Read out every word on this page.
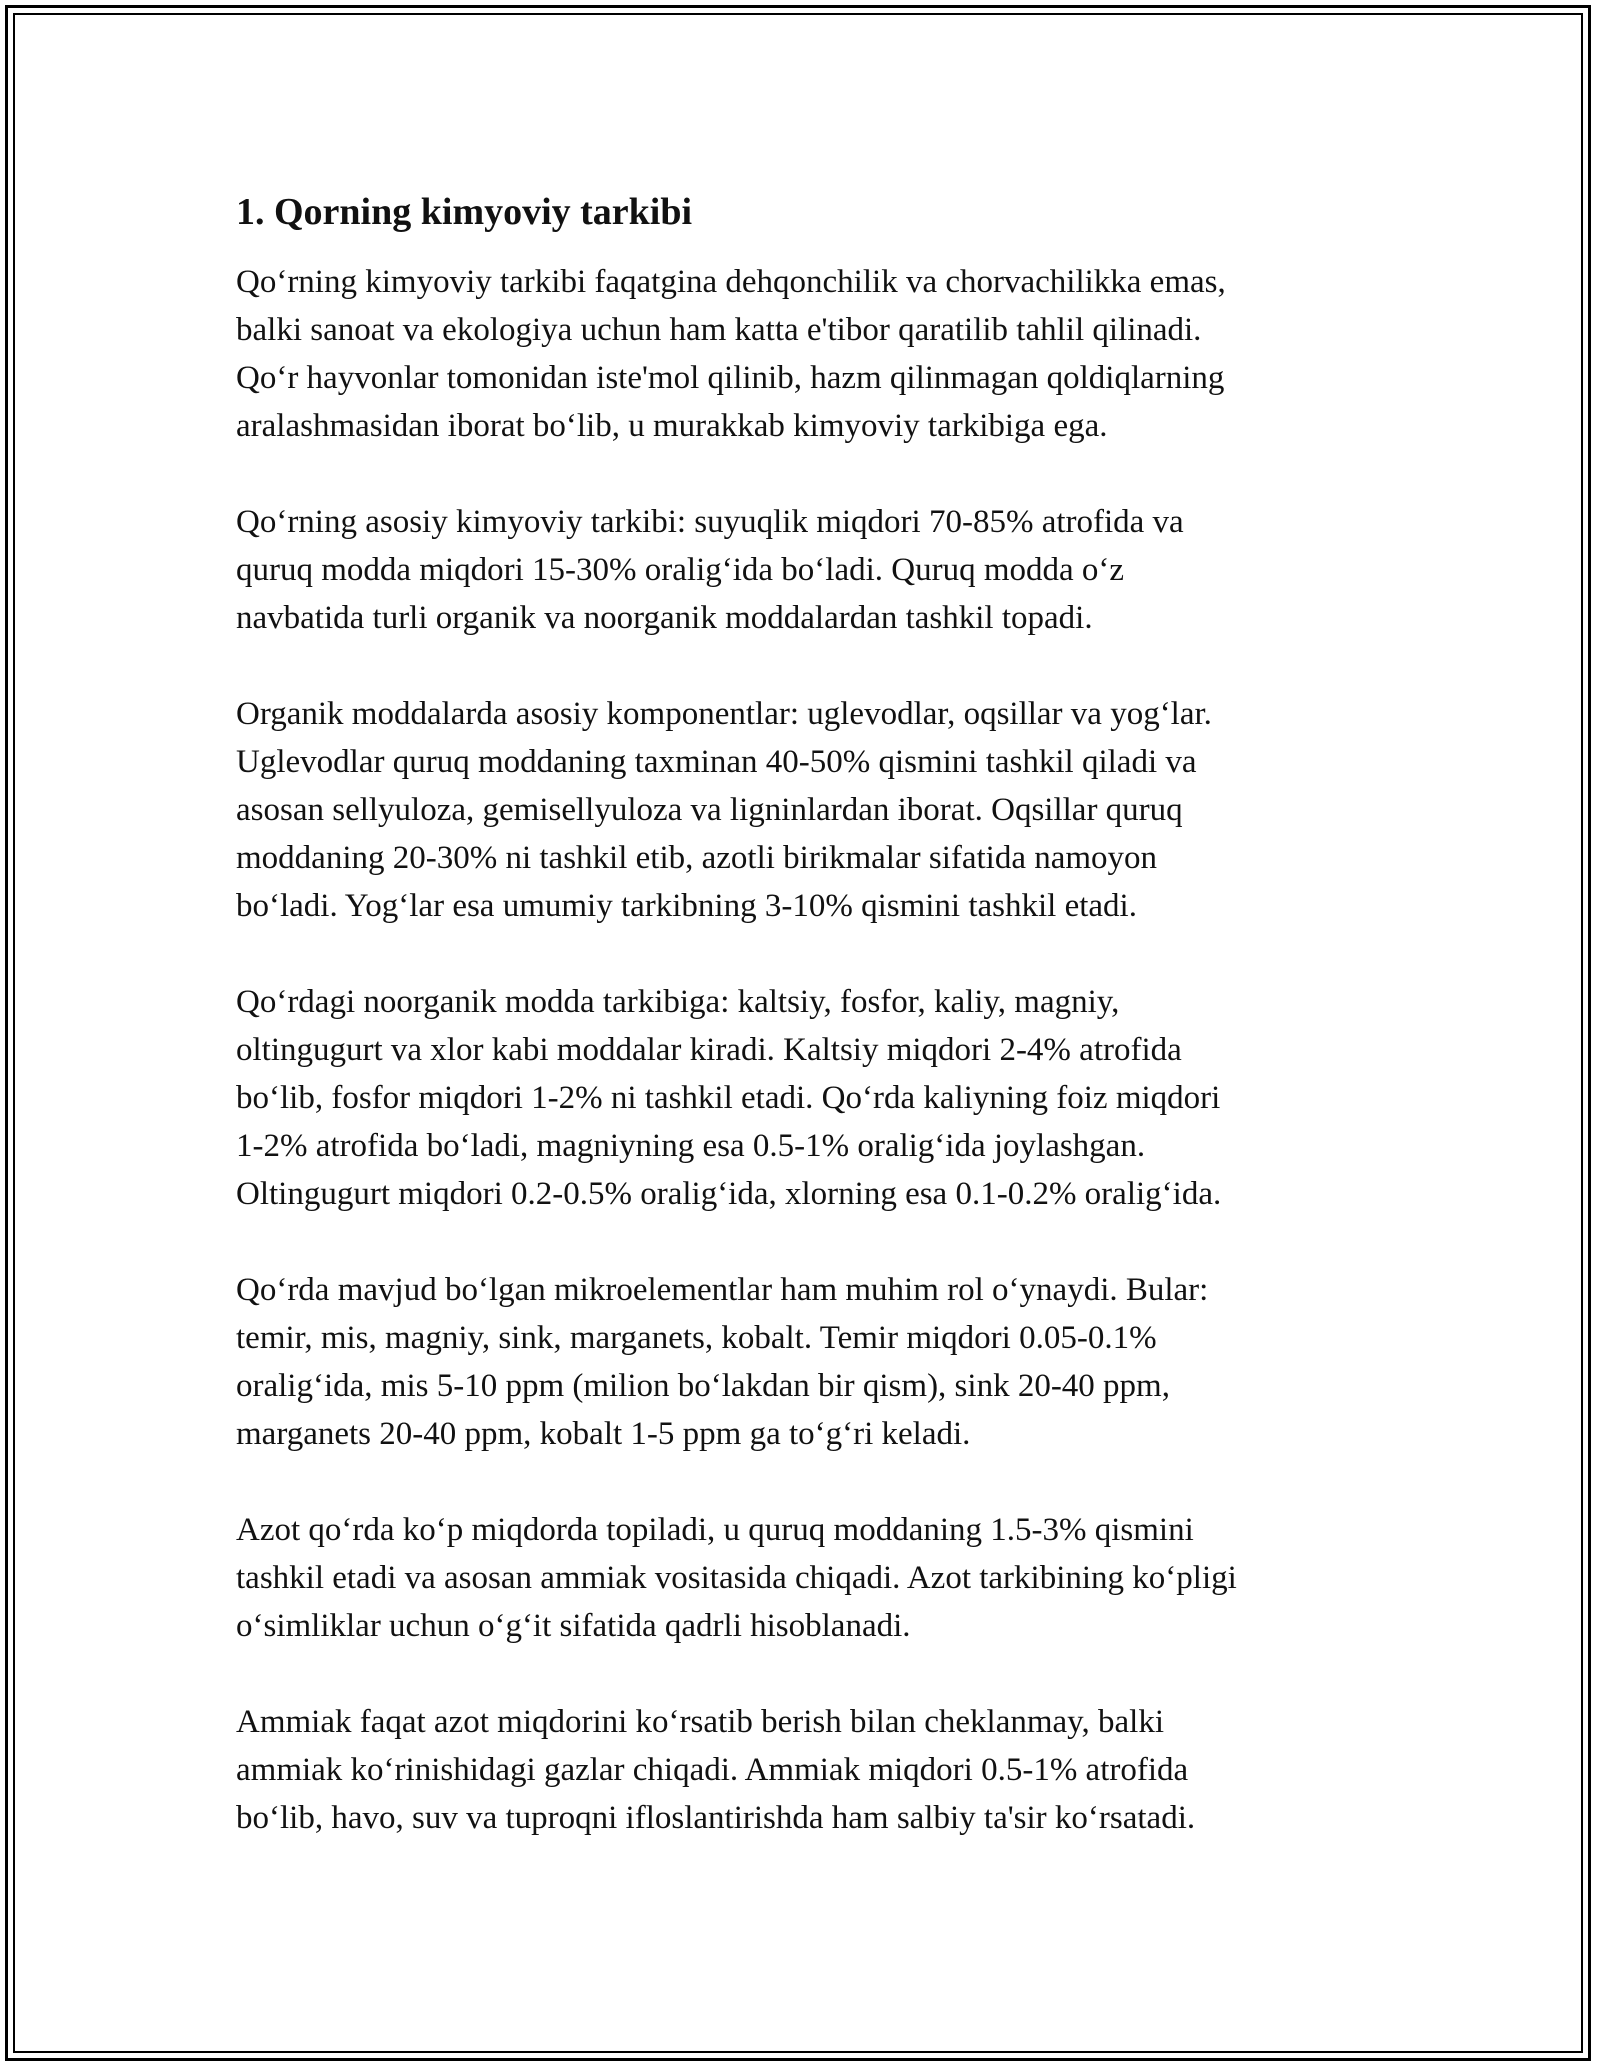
1. Qorning kimyoviy tarkibi

Qo‘rning kimyoviy tarkibi faqatgina dehqonchilik va chorvachilikka emas,
balki sanoat va ekologiya uchun ham katta e'tibor qaratilib tahlil qilinadi.
Qo‘r hayvonlar tomonidan iste'mol qilinib, hazm qilinmagan qoldiqlarning
aralashmasidan iborat bo‘lib, u murakkab kimyoviy tarkibiga ega.

Qo‘rning asosiy kimyoviy tarkibi: suyuqlik miqdori 70-85% atrofida va
quruq modda miqdori 15-30% oralig‘ida bo‘ladi. Quruq modda o‘z
navbatida turli organik va noorganik moddalardan tashkil topadi.

Organik moddalarda asosiy komponentlar: uglevodlar, oqsillar va yog‘lar.
Uglevodlar quruq moddaning taxminan 40-50% qismini tashkil qiladi va
asosan sellyuloza, gemisellyuloza va ligninlardan iborat. Oqsillar quruq
moddaning 20-30% ni tashkil etib, azotli birikmalar sifatida namoyon
bo‘ladi. Yog‘lar esa umumiy tarkibning 3-10% qismini tashkil etadi.

Qo‘rdagi noorganik modda tarkibiga: kaltsiy, fosfor, kaliy, magniy,
oltingugurt va xlor kabi moddalar kiradi. Kaltsiy miqdori 2-4% atrofida
bo‘lib, fosfor miqdori 1-2% ni tashkil etadi. Qo‘rda kaliyning foiz miqdori
1-2% atrofida bo‘ladi, magniyning esa 0.5-1% oralig‘ida joylashgan.
Oltingugurt miqdori 0.2-0.5% oralig‘ida, xlorning esa 0.1-0.2% oralig‘ida.

Qo‘rda mavjud bo‘lgan mikroelementlar ham muhim rol o‘ynaydi. Bular:
temir, mis, magniy, sink, marganets, kobalt. Temir miqdori 0.05-0.1%
oralig‘ida, mis 5-10 ppm (milion bo‘lakdan bir qism), sink 20-40 ppm,
marganets 20-40 ppm, kobalt 1-5 ppm ga to‘g‘ri keladi.

Azot qo‘rda ko‘p miqdorda topiladi, u quruq moddaning 1.5-3% qismini
tashkil etadi va asosan ammiak vositasida chiqadi. Azot tarkibining ko‘pligi
o‘simliklar uchun o‘g‘it sifatida qadrli hisoblanadi.

Ammiak faqat azot miqdorini ko‘rsatib berish bilan cheklanmay, balki
ammiak ko‘rinishidagi gazlar chiqadi. Ammiak miqdori 0.5-1% atrofida
bo‘lib, havo, suv va tuproqni ifloslantirishda ham salbiy ta'sir ko‘rsatadi.
